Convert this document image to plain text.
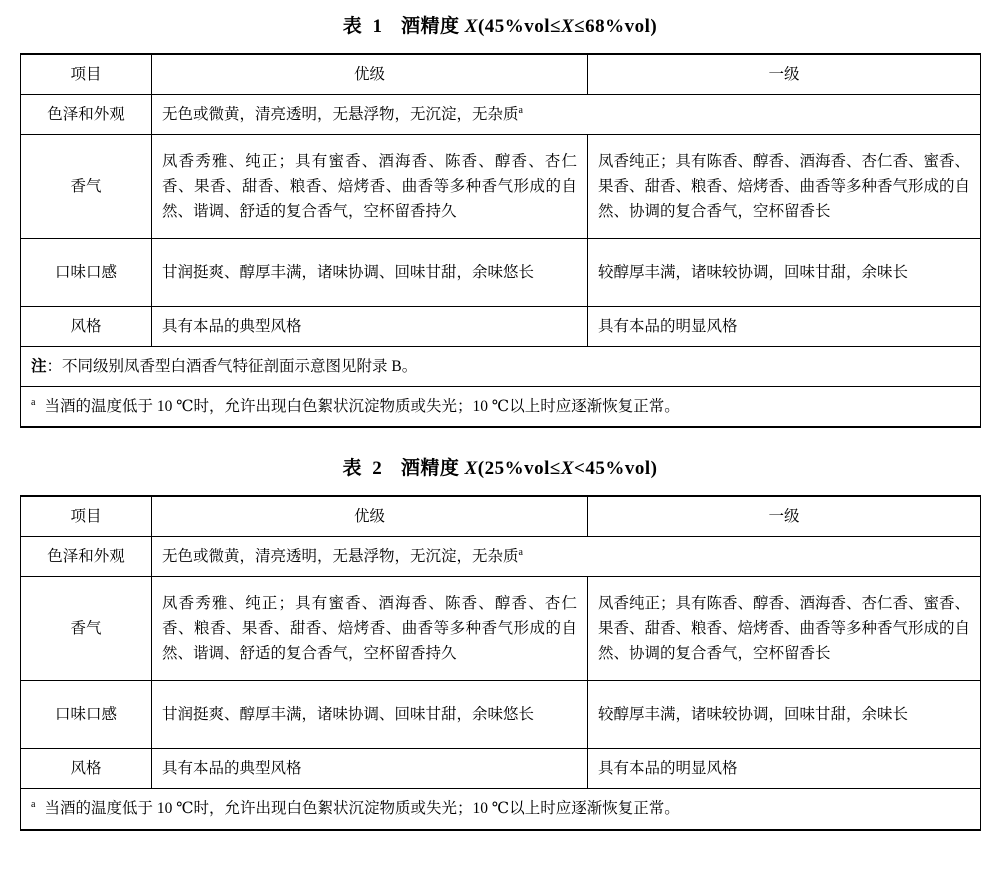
表 1 酒精度 X(45%vol≤X≤68%vol)
项目	优级	一级
色泽和外观	无色或微黄，清亮透明，无悬浮物，无沉淀，无杂质$^a$
香气	凤香秀雅、纯正；具有蜜香、酒海香、陈香、醇香、杏仁香、果香、甜香、粮香、焙烤香、曲香等多种香气形成的自然、谐调、舒适的复合香气，空杯留香持久	凤香纯正；具有陈香、醇香、酒海香、杏仁香、蜜香、果香、甜香、粮香、焙烤香、曲香等多种香气形成的自然、协调的复合香气，空杯留香长

口味口感	甘润挺爽、醇厚丰满，诸味协调、回味甘甜，余味悠长	较醇厚丰满，诸味较协调，回味甘甜，余味长
风格	具有本品的典型风格	具有本品的明显风格
注：不同级别凤香型白酒香气特征剖面示意图见附录 B。		
$^a$ 当酒的温度低于 10 ℃时，允许出现白色絮状沉淀物质或失光；10 ℃以上时应逐渐恢复正常。		
表 2 酒精度 X(25%vol≤X<45%vol)
项目	优级	一级
色泽和外观	无色或微黄，清亮透明，无悬浮物，无沉淀，无杂质$^a$
香气	凤香秀雅、纯正；具有蜜香、酒海香、陈香、醇香、杏仁香、粮香、果香、甜香、焙烤香、曲香等多种香气形成的自然、谐调、舒适的复合香气，空杯留香持久	凤香纯正；具有陈香、醇香、酒海香、杏仁香、蜜香、果香、甜香、粮香、焙烤香、曲香等多种香气形成的自然、协调的复合香气，空杯留香长

口味口感	甘润挺爽、醇厚丰满，诸味协调、回味甘甜，余味悠长	较醇厚丰满，诸味较协调，回味甘甜，余味长
风格	具有本品的典型风格	具有本品的明显风格
$^a$ 当酒的温度低于 10 ℃时，允许出现白色絮状沉淀物质或失光；10 ℃以上时应逐渐恢复正常。		
